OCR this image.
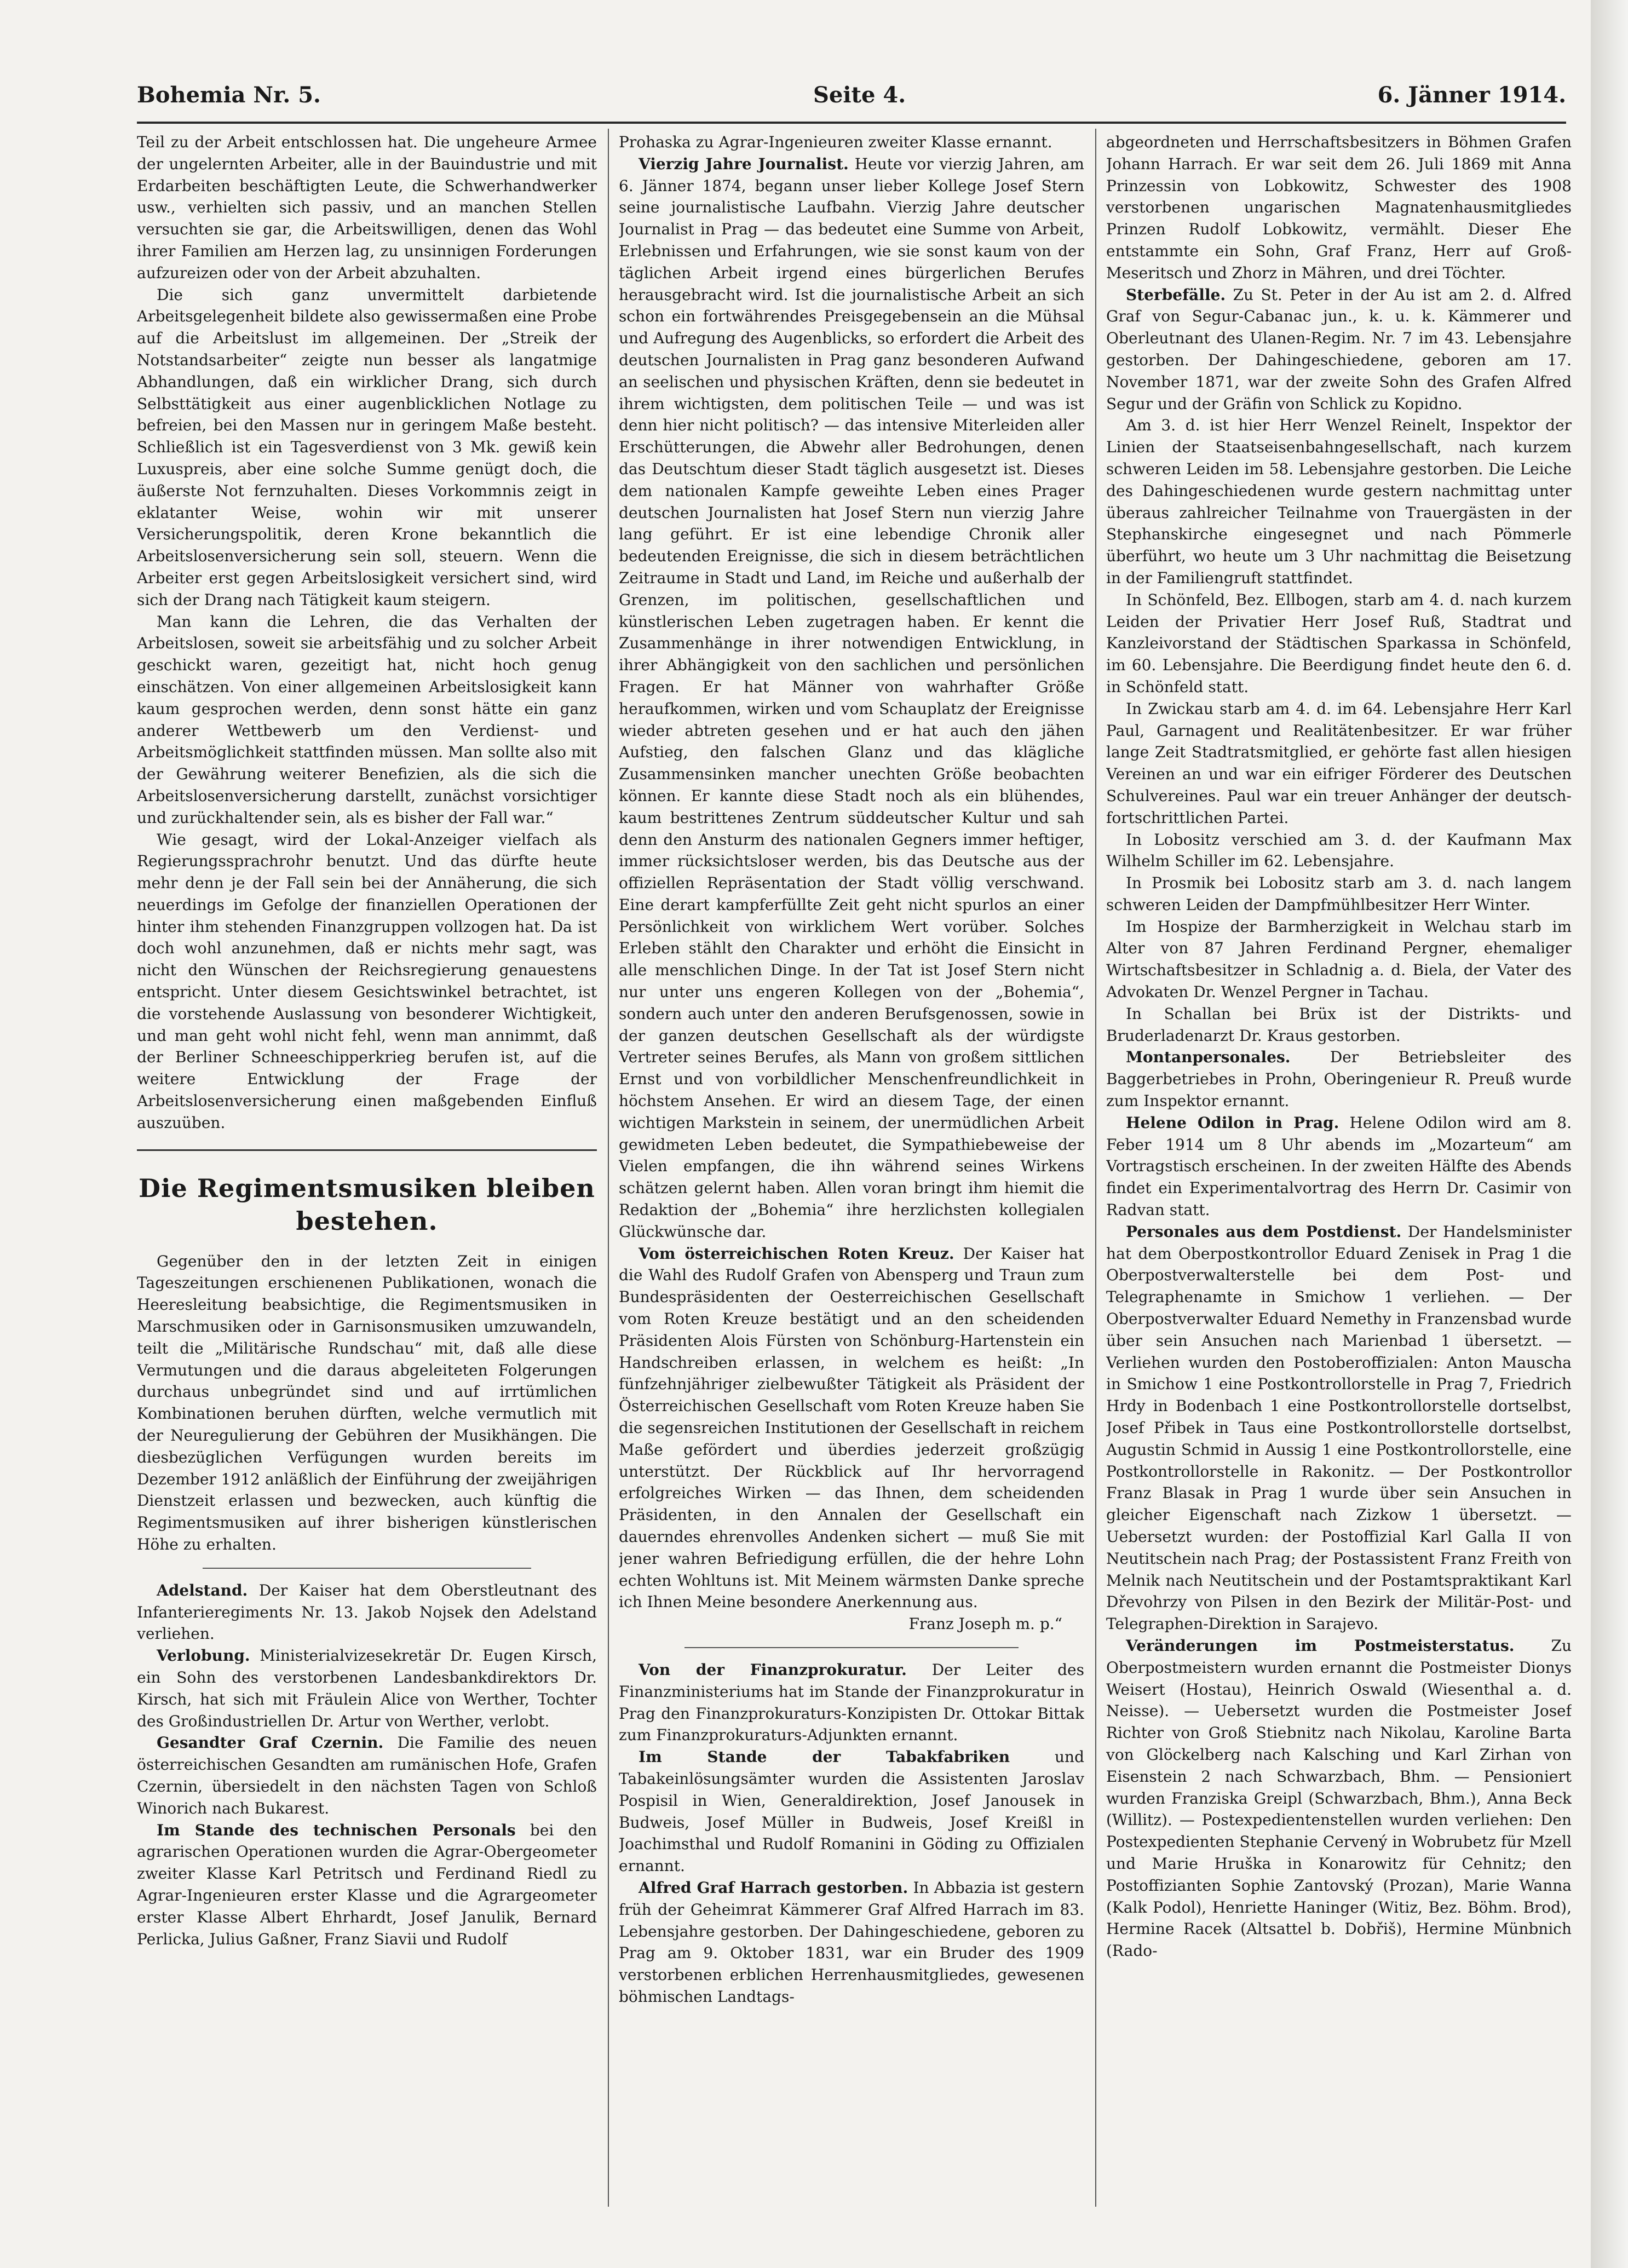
Bohemia Nr. 5.	Seite 4.	6. Jänner 1914.

Teil zu der Arbeit entschlossen hat. Die ungeheure Armee der ungelernten Arbeiter, alle in der Bauindustrie und mit Erdarbeiten beschäftigten Leute, die Schwerhandwerker usw., verhielten sich passiv, und an manchen Stellen versuchten sie gar, die Arbeitswilligen, denen das Wohl ihrer Familien am Herzen lag, zu unsinnigen Forderungen aufzureizen oder von der Arbeit abzuhalten.

Die sich ganz unvermittelt darbietende Arbeitsgelegenheit bildete also gewissermaßen eine Probe auf die Arbeitslust im allgemeinen. Der „Streik der Notstandsarbeiter“ zeigte nun besser als langatmige Abhandlungen, daß ein wirklicher Drang, sich durch Selbsttätigkeit aus einer augenblicklichen Notlage zu befreien, bei den Massen nur in geringem Maße besteht. Schließlich ist ein Tagesverdienst von 3 Mk. gewiß kein Luxuspreis, aber eine solche Summe genügt doch, die äußerste Not fernzuhalten. Dieses Vorkommnis zeigt in eklatanter Weise, wohin wir mit unserer Versicherungspolitik, deren Krone bekanntlich die Arbeitslosenversicherung sein soll, steuern. Wenn die Arbeiter erst gegen Arbeitslosigkeit versichert sind, wird sich der Drang nach Tätigkeit kaum steigern.

Man kann die Lehren, die das Verhalten der Arbeitslosen, soweit sie arbeitsfähig und zu solcher Arbeit geschickt waren, gezeitigt hat, nicht hoch genug einschätzen. Von einer allgemeinen Arbeitslosigkeit kann kaum gesprochen werden, denn sonst hätte ein ganz anderer Wettbewerb um den Verdienst- und Arbeitsmöglichkeit stattfinden müssen. Man sollte also mit der Gewährung weiterer Benefizien, als die sich die Arbeitslosenversicherung darstellt, zunächst vorsichtiger und zurückhaltender sein, als es bisher der Fall war.“

Wie gesagt, wird der Lokal-Anzeiger vielfach als Regierungssprachrohr benutzt. Und das dürfte heute mehr denn je der Fall sein bei der Annäherung, die sich neuerdings im Gefolge der finanziellen Operationen der hinter ihm stehenden Finanzgruppen vollzogen hat. Da ist doch wohl anzunehmen, daß er nichts mehr sagt, was nicht den Wünschen der Reichsregierung genauestens entspricht. Unter diesem Gesichtswinkel betrachtet, ist die vorstehende Auslassung von besonderer Wichtigkeit, und man geht wohl nicht fehl, wenn man annimmt, daß der Berliner Schneeschipperkrieg berufen ist, auf die weitere Entwicklung der Frage der Arbeitslosenversicherung einen maßgebenden Einfluß auszuüben.

Die Regimentsmusiken bleiben bestehen.

Gegenüber den in der letzten Zeit in einigen Tageszeitungen erschienenen Publikationen, wonach die Heeresleitung beabsichtige, die Regimentsmusiken in Marschmusiken oder in Garnisonsmusiken umzuwandeln, teilt die „Militärische Rundschau“ mit, daß alle diese Vermutungen und die daraus abgeleiteten Folgerungen durchaus unbegründet sind und auf irrtümlichen Kombinationen beruhen dürften, welche vermutlich mit der Neuregulierung der Gebühren der Musikhängen. Die diesbezüglichen Verfügungen wurden bereits im Dezember 1912 anläßlich der Einführung der zweijährigen Dienstzeit erlassen und bezwecken, auch künftig die Regimentsmusiken auf ihrer bisherigen künstlerischen Höhe zu erhalten.

Adelstand. Der Kaiser hat dem Oberstleutnant des Infanterieregiments Nr. 13. Jakob Nojsek den Adelstand verliehen.

Verlobung. Ministerialvizesekretär Dr. Eugen Kirsch, ein Sohn des verstorbenen Landesbankdirektors Dr. Kirsch, hat sich mit Fräulein Alice von Werther, Tochter des Großindustriellen Dr. Artur von Werther, verlobt.

Gesandter Graf Czernin. Die Familie des neuen österreichischen Gesandten am rumänischen Hofe, Grafen Czernin, übersiedelt in den nächsten Tagen von Schloß Winorich nach Bukarest.

Im Stande des technischen Personals bei den agrarischen Operationen wurden die Agrar-Obergeometer zweiter Klasse Karl Petritsch und Ferdinand Riedl zu Agrar-Ingenieuren erster Klasse und die Agrargeometer erster Klasse Albert Ehrhardt, Josef Janulik, Bernard Perlicka, Julius Gaßner, Franz Siavii und Rudolf

Prohaska zu Agrar-Ingenieuren zweiter Klasse ernannt.

Vierzig Jahre Journalist. Heute vor vierzig Jahren, am 6. Jänner 1874, begann unser lieber Kollege Josef Stern seine journalistische Laufbahn. Vierzig Jahre deutscher Journalist in Prag — das bedeutet eine Summe von Arbeit, Erlebnissen und Erfahrungen, wie sie sonst kaum von der täglichen Arbeit irgend eines bürgerlichen Berufes herausgebracht wird. Ist die journalistische Arbeit an sich schon ein fortwährendes Preisgegebensein an die Mühsal und Aufregung des Augenblicks, so erfordert die Arbeit des deutschen Journalisten in Prag ganz besonderen Aufwand an seelischen und physischen Kräften, denn sie bedeutet in ihrem wichtigsten, dem politischen Teile — und was ist denn hier nicht politisch? — das intensive Miterleiden aller Erschütterungen, die Abwehr aller Bedrohungen, denen das Deutschtum dieser Stadt täglich ausgesetzt ist. Dieses dem nationalen Kampfe geweihte Leben eines Prager deutschen Journalisten hat Josef Stern nun vierzig Jahre lang geführt. Er ist eine lebendige Chronik aller bedeutenden Ereignisse, die sich in diesem beträchtlichen Zeitraume in Stadt und Land, im Reiche und außerhalb der Grenzen, im politischen, gesellschaftlichen und künstlerischen Leben zugetragen haben. Er kennt die Zusammenhänge in ihrer notwendigen Entwicklung, in ihrer Abhängigkeit von den sachlichen und persönlichen Fragen. Er hat Männer von wahrhafter Größe heraufkommen, wirken und vom Schauplatz der Ereignisse wieder abtreten gesehen und er hat auch den jähen Aufstieg, den falschen Glanz und das klägliche Zusammensinken mancher unechten Größe beobachten können. Er kannte diese Stadt noch als ein blühendes, kaum bestrittenes Zentrum süddeutscher Kultur und sah denn den Ansturm des nationalen Gegners immer heftiger, immer rücksichtsloser werden, bis das Deutsche aus der offiziellen Repräsentation der Stadt völlig verschwand. Eine derart kampferfüllte Zeit geht nicht spurlos an einer Persönlichkeit von wirklichem Wert vorüber. Solches Erleben stählt den Charakter und erhöht die Einsicht in alle menschlichen Dinge. In der Tat ist Josef Stern nicht nur unter uns engeren Kollegen von der „Bohemia“, sondern auch unter den anderen Berufsgenossen, sowie in der ganzen deutschen Gesellschaft als der würdigste Vertreter seines Berufes, als Mann von großem sittlichen Ernst und von vorbildlicher Menschenfreundlichkeit in höchstem Ansehen. Er wird an diesem Tage, der einen wichtigen Markstein in seinem, der unermüdlichen Arbeit gewidmeten Leben bedeutet, die Sympathiebeweise der Vielen empfangen, die ihn während seines Wirkens schätzen gelernt haben. Allen voran bringt ihm hiemit die Redaktion der „Bohemia“ ihre herzlichsten kollegialen Glückwünsche dar.

Vom österreichischen Roten Kreuz. Der Kaiser hat die Wahl des Rudolf Grafen von Abensperg und Traun zum Bundespräsidenten der Oesterreichischen Gesellschaft vom Roten Kreuze bestätigt und an den scheidenden Präsidenten Alois Fürsten von Schönburg-Hartenstein ein Handschreiben erlassen, in welchem es heißt: „In fünfzehnjähriger zielbewußter Tätigkeit als Präsident der Österreichischen Gesellschaft vom Roten Kreuze haben Sie die segensreichen Institutionen der Gesellschaft in reichem Maße gefördert und überdies jederzeit großzügig unterstützt. Der Rückblick auf Ihr hervorragend erfolgreiches Wirken — das Ihnen, dem scheidenden Präsidenten, in den Annalen der Gesellschaft ein dauerndes ehrenvolles Andenken sichert — muß Sie mit jener wahren Befriedigung erfüllen, die der hehre Lohn echten Wohltuns ist. Mit Meinem wärmsten Danke spreche ich Ihnen Meine besondere Anerkennung aus.

Franz Joseph m. p.“

Von der Finanzprokuratur. Der Leiter des Finanzministeriums hat im Stande der Finanzprokuratur in Prag den Finanzprokuraturs-Konzipisten Dr. Ottokar Bittak zum Finanzprokuraturs-Adjunkten ernannt.

Im Stande der Tabakfabriken und Tabakeinlösungsämter wurden die Assistenten Jaroslav Pospisil in Wien, Generaldirektion, Josef Janousek in Budweis, Josef Müller in Budweis, Josef Kreißl in Joachimsthal und Rudolf Romanini in Göding zu Offizialen ernannt.

Alfred Graf Harrach gestorben. In Abbazia ist gestern früh der Geheimrat Kämmerer Graf Alfred Harrach im 83. Lebensjahre gestorben. Der Dahingeschiedene, geboren zu Prag am 9. Oktober 1831, war ein Bruder des 1909 verstorbenen erblichen Herrenhausmitgliedes, gewesenen böhmischen Landtags-

abgeordneten und Herrschaftsbesitzers in Böhmen Grafen Johann Harrach. Er war seit dem 26. Juli 1869 mit Anna Prinzessin von Lobkowitz, Schwester des 1908 verstorbenen ungarischen Magnatenhausmitgliedes Prinzen Rudolf Lobkowitz, vermählt. Dieser Ehe entstammte ein Sohn, Graf Franz, Herr auf Groß-Meseritsch und Zhorz in Mähren, und drei Töchter.

Sterbefälle. Zu St. Peter in der Au ist am 2. d. Alfred Graf von Segur-Cabanac jun., k. u. k. Kämmerer und Oberleutnant des Ulanen-Regim. Nr. 7 im 43. Lebensjahre gestorben. Der Dahingeschiedene, geboren am 17. November 1871, war der zweite Sohn des Grafen Alfred Segur und der Gräfin von Schlick zu Kopidno.

Am 3. d. ist hier Herr Wenzel Reinelt, Inspektor der Linien der Staatseisenbahngesellschaft, nach kurzem schweren Leiden im 58. Lebensjahre gestorben. Die Leiche des Dahingeschiedenen wurde gestern nachmittag unter überaus zahlreicher Teilnahme von Trauergästen in der Stephanskirche eingesegnet und nach Pömmerle überführt, wo heute um 3 Uhr nachmittag die Beisetzung in der Familiengruft stattfindet.

In Schönfeld, Bez. Ellbogen, starb am 4. d. nach kurzem Leiden der Privatier Herr Josef Ruß, Stadtrat und Kanzleivorstand der Städtischen Sparkassa in Schönfeld, im 60. Lebensjahre. Die Beerdigung findet heute den 6. d. in Schönfeld statt.

In Zwickau starb am 4. d. im 64. Lebensjahre Herr Karl Paul, Garnagent und Realitätenbesitzer. Er war früher lange Zeit Stadtratsmitglied, er gehörte fast allen hiesigen Vereinen an und war ein eifriger Förderer des Deutschen Schulvereines. Paul war ein treuer Anhänger der deutsch-fortschrittlichen Partei.

In Lobositz verschied am 3. d. der Kaufmann Max Wilhelm Schiller im 62. Lebensjahre.

In Prosmik bei Lobositz starb am 3. d. nach langem schweren Leiden der Dampfmühlbesitzer Herr Winter.

Im Hospize der Barmherzigkeit in Welchau starb im Alter von 87 Jahren Ferdinand Pergner, ehemaliger Wirtschaftsbesitzer in Schladnig a. d. Biela, der Vater des Advokaten Dr. Wenzel Pergner in Tachau.

In Schallan bei Brüx ist der Distrikts- und Bruderladenarzt Dr. Kraus gestorben.

Montanpersonales. Der Betriebsleiter des Baggerbetriebes in Prohn, Oberingenieur R. Preuß wurde zum Inspektor ernannt.

Helene Odilon in Prag. Helene Odilon wird am 8. Feber 1914 um 8 Uhr abends im „Mozarteum“ am Vortragstisch erscheinen. In der zweiten Hälfte des Abends findet ein Experimentalvortrag des Herrn Dr. Casimir von Radvan statt.

Personales aus dem Postdienst. Der Handelsminister hat dem Oberpostkontrollor Eduard Zenisek in Prag 1 die Oberpostverwalterstelle bei dem Post- und Telegraphenamte in Smichow 1 verliehen. — Der Oberpostverwalter Eduard Nemethy in Franzensbad wurde über sein Ansuchen nach Marienbad 1 übersetzt. — Verliehen wurden den Postoberoffizialen: Anton Mauscha in Smichow 1 eine Postkontrollorstelle in Prag 7, Friedrich Hrdy in Bodenbach 1 eine Postkontrollorstelle dortselbst, Josef Přibek in Taus eine Postkontrollorstelle dortselbst, Augustin Schmid in Aussig 1 eine Postkontrollorstelle, eine Postkontrollorstelle in Rakonitz. — Der Postkontrollor Franz Blasak in Prag 1 wurde über sein Ansuchen in gleicher Eigenschaft nach Zizkow 1 übersetzt. — Uebersetzt wurden: der Postoffizial Karl Galla II von Neutitschein nach Prag; der Postassistent Franz Freith von Melnik nach Neutitschein und der Postamtspraktikant Karl Dřevohrzy von Pilsen in den Bezirk der Militär-Post- und Telegraphen-Direktion in Sarajevo.

Veränderungen im Postmeisterstatus. Zu Oberpostmeistern wurden ernannt die Postmeister Dionys Weisert (Hostau), Heinrich Oswald (Wiesenthal a. d. Neisse). — Uebersetzt wurden die Postmeister Josef Richter von Groß Stiebnitz nach Nikolau, Karoline Barta von Glöckelberg nach Kalsching und Karl Zirhan von Eisenstein 2 nach Schwarzbach, Bhm. — Pensioniert wurden Franziska Greipl (Schwarzbach, Bhm.), Anna Beck (Willitz). — Postexpedientenstellen wurden verliehen: Den Postexpedienten Stephanie Cervený in Wobrubetz für Mzell und Marie Hruška in Konarowitz für Cehnitz; den Postoffizianten Sophie Zantovský (Prozan), Marie Wanna (Kalk Podol), Henriette Haninger (Witiz, Bez. Böhm. Brod), Hermine Racek (Altsattel b. Dobřiš), Hermine Münbnich (Rado-
